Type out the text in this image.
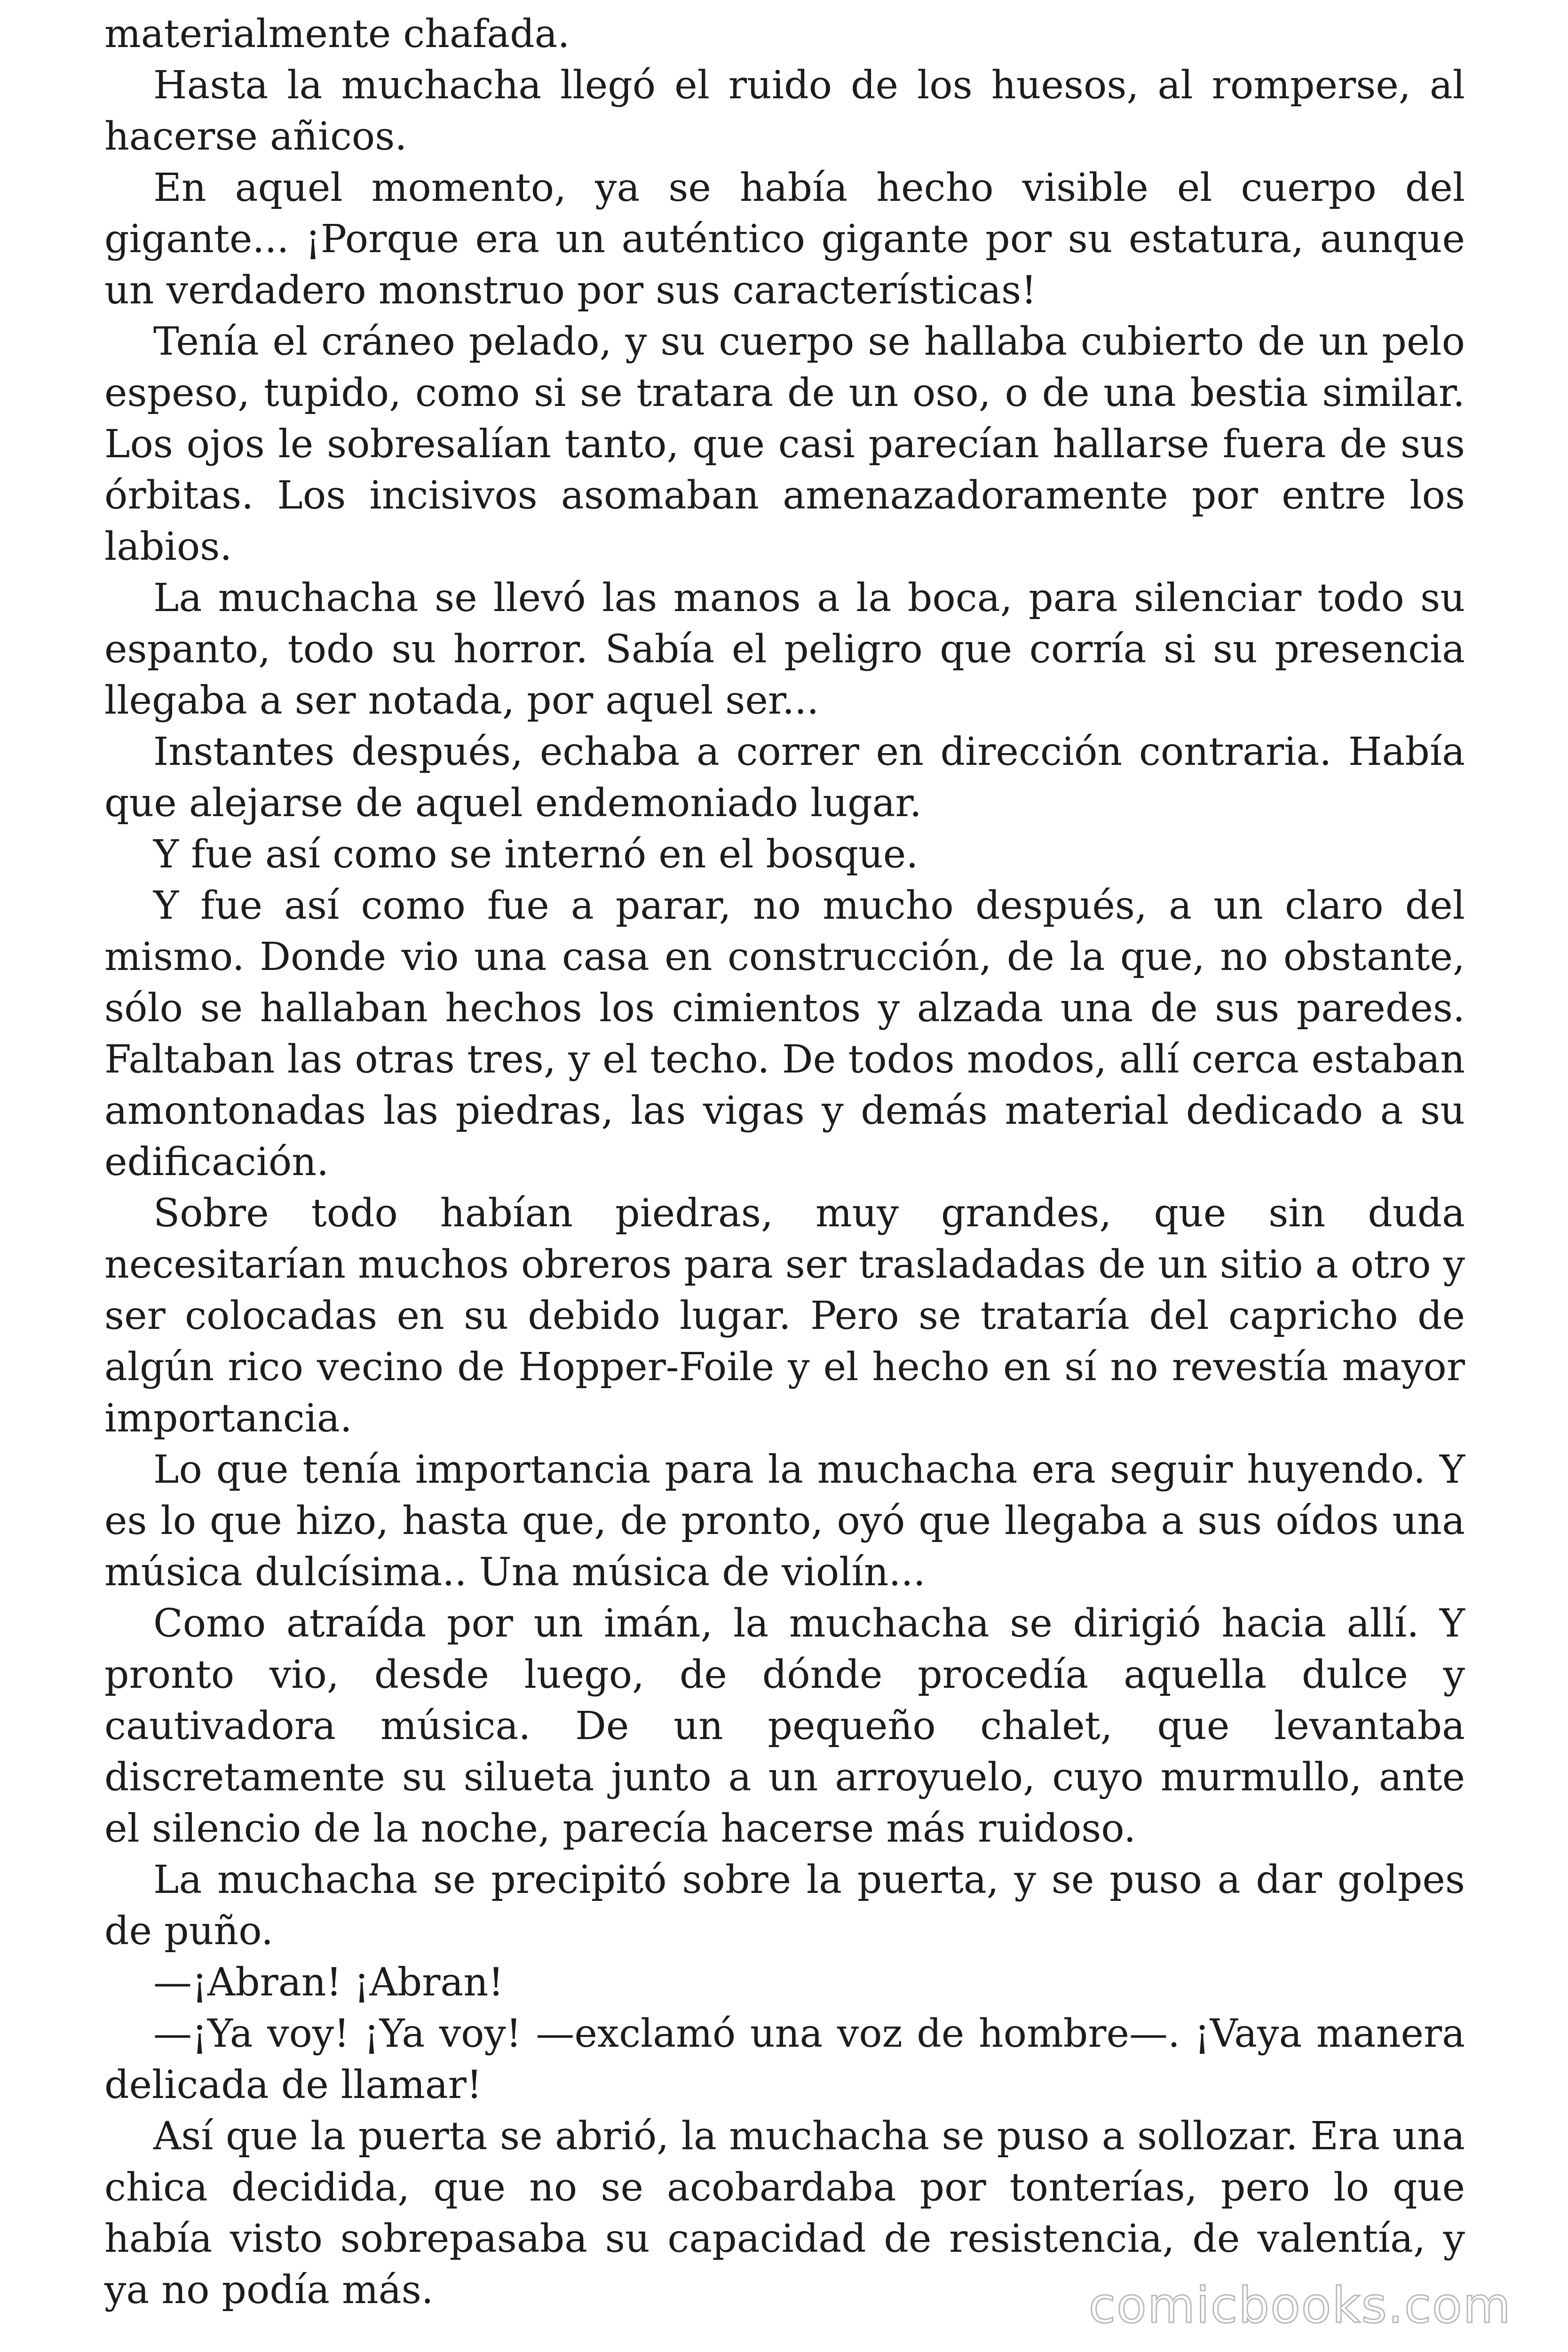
materialmente chafada.

Hasta la muchacha llegó el ruido de los huesos, al romperse, al hacerse añicos.

En aquel momento, ya se había hecho visible el cuerpo del gigante... ¡Porque era un auténtico gigante por su estatura, aunque un verdadero monstruo por sus características!

Tenía el cráneo pelado, y su cuerpo se hallaba cubierto de un pelo espeso, tupido, como si se tratara de un oso, o de una bestia similar. Los ojos le sobresalían tanto, que casi parecían hallarse fuera de sus órbitas. Los incisivos asomaban amenazadoramente por entre los labios.

La muchacha se llevó las manos a la boca, para silenciar todo su espanto, todo su horror. Sabía el peligro que corría si su presencia llegaba a ser notada, por aquel ser...

Instantes después, echaba a correr en dirección contraria. Había que alejarse de aquel endemoniado lugar.

Y fue así como se internó en el bosque.

Y fue así como fue a parar, no mucho después, a un claro del mismo. Donde vio una casa en construcción, de la que, no obstante, sólo se hallaban hechos los cimientos y alzada una de sus paredes. Faltaban las otras tres, y el techo. De todos modos, allí cerca estaban amontonadas las piedras, las vigas y demás material dedicado a su edificación.

Sobre todo habían piedras, muy grandes, que sin duda necesitarían muchos obreros para ser trasladadas de un sitio a otro y ser colocadas en su debido lugar. Pero se trataría del capricho de algún rico vecino de Hopper-Foile y el hecho en sí no revestía mayor importancia.

Lo que tenía importancia para la muchacha era seguir huyendo. Y es lo que hizo, hasta que, de pronto, oyó que llegaba a sus oídos una música dulcísima.. Una música de violín...

Como atraída por un imán, la muchacha se dirigió hacia allí. Y pronto vio, desde luego, de dónde procedía aquella dulce y cautivadora música. De un pequeño chalet, que levantaba discretamente su silueta junto a un arroyuelo, cuyo murmullo, ante el silencio de la noche, parecía hacerse más ruidoso.

La muchacha se precipitó sobre la puerta, y se puso a dar golpes de puño.

—¡Abran! ¡Abran!

—¡Ya voy! ¡Ya voy! —exclamó una voz de hombre—. ¡Vaya manera delicada de llamar!

Así que la puerta se abrió, la muchacha se puso a sollozar. Era una chica decidida, que no se acobardaba por tonterías, pero lo que había visto sobrepasaba su capacidad de resistencia, de valentía, y ya no podía más.	comicbooks.com
